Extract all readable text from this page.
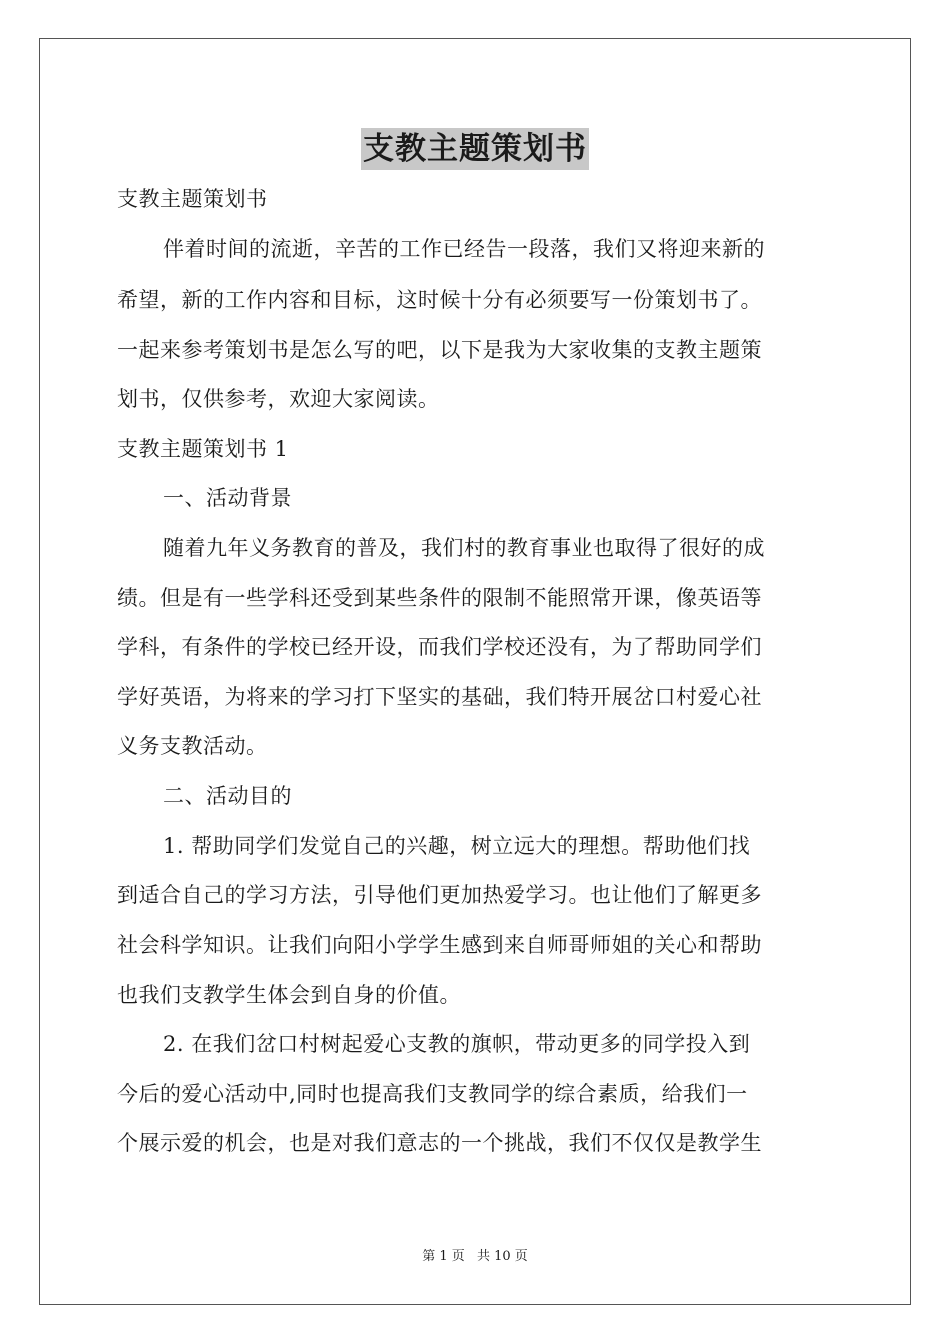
支教主题策划书
支教主题策划书
伴着时间的流逝，辛苦的工作已经告一段落，我们又将迎来新的
希望，新的工作内容和目标，这时候十分有必须要写一份策划书了。
一起来参考策划书是怎么写的吧，以下是我为大家收集的支教主题策
划书，仅供参考，欢迎大家阅读。
支教主题策划书 1
一、活动背景
随着九年义务教育的普及，我们村的教育事业也取得了很好的成
绩。但是有一些学科还受到某些条件的限制不能照常开课，像英语等
学科，有条件的学校已经开设，而我们学校还没有，为了帮助同学们
学好英语，为将来的学习打下坚实的基础，我们特开展岔口村爱心社
义务支教活动。
二、活动目的
1. 帮助同学们发觉自己的兴趣，树立远大的理想。帮助他们找
到适合自己的学习方法，引导他们更加热爱学习。也让他们了解更多
社会科学知识。让我们向阳小学学生感到来自师哥师姐的关心和帮助
也我们支教学生体会到自身的价值。
2. 在我们岔口村树起爱心支教的旗帜，带动更多的同学投入到
今后的爱心活动中,同时也提高我们支教同学的综合素质，给我们一
个展示爱的机会，也是对我们意志的一个挑战，我们不仅仅是教学生
第 1 页 共 10 页
